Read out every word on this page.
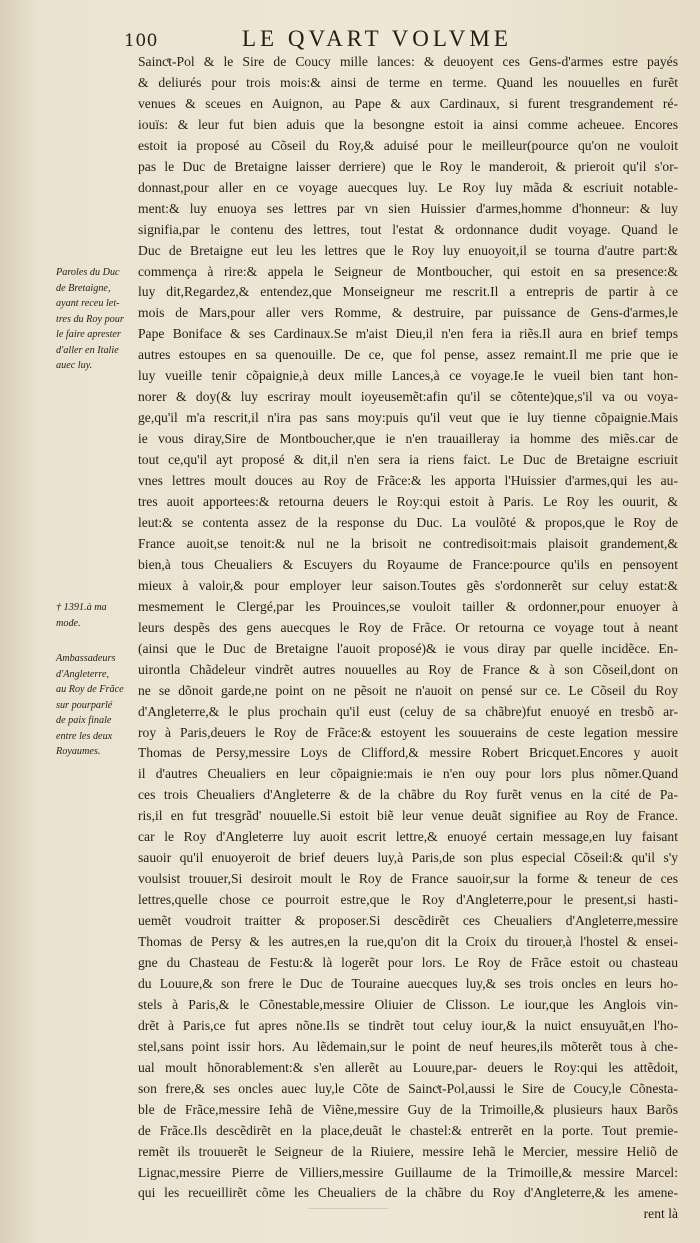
100	LE QVART VOLVME
Saincͭt-Pol & le Sire de Coucy mille lances: & deuoyent ces Gens-d'armes estre payés
& deliurés pour trois mois:& ainsi de terme en terme. Quand les nouuelles en furẽt
venues & sceues en Auignon, au Pape & aux Cardinaux, si furent tresgrandement ré-
iouïs: & leur fut bien aduis que la besongne estoit ia ainsi comme acheuee. Encores
estoit ia proposé au Cõseil du Roy,& aduisé pour le meilleur(pource qu'on ne vouloit
pas le Duc de Bretaigne laisser derriere) que le Roy le manderoit, & prieroit qu'il s'or-
donnast,pour aller en ce voyage auecques luy. Le Roy luy mãda & escriuit notable-
ment:& luy enuoya ses lettres par vn sien Huissier d'armes,homme d'honneur: & luy
signifia,par le contenu des lettres, tout l'estat & ordonnance dudit voyage. Quand le
Duc de Bretaigne eut leu les lettres que le Roy luy enuoyoit,il se tourna d'autre part:&
commença à rire:& appela le Seigneur de Montboucher, qui estoit en sa presence:&
luy dit,Regardez,& entendez,que Monseigneur me rescrit.Il a entrepris de partir à ce
mois de Mars,pour aller vers Romme, & destruire, par puissance de Gens-d'armes,le
Pape Boniface & ses Cardinaux.Se m'aist Dieu,il n'en fera ia riẽs.Il aura en brief temps
autres estoupes en sa quenouille. De ce, que fol pense, assez remaint.Il me prie que ie
luy vueille tenir cõpaignie,à deux mille Lances,à ce voyage.Ie le vueil bien tant hon-
norer & doy(& luy escriray moult ioyeusemẽt:afin qu'il se cõtente)que,s'il va ou voya-
ge,qu'il m'a rescrit,il n'ira pas sans moy:puis qu'il veut que ie luy tienne cõpaignie.Mais
ie vous diray,Sire de Montboucher,que ie n'en trauailleray ia homme des miẽs.car de
tout ce,qu'il ayt proposé & dit,il n'en sera ia riens faict. Le Duc de Bretaigne escriuit
vnes lettres moult douces au Roy de Frãce:& les apporta l'Huissier d'armes,qui les au-
tres auoit apportees:& retourna deuers le Roy:qui estoit à Paris. Le Roy les ouurit, &
leut:& se contenta assez de la response du Duc. La voulõté & propos,que le Roy de
France auoit,se tenoit:& nul ne la brisoit ne contredisoit:mais plaisoit grandement,&
bien,à tous Cheualiers & Escuyers du Royaume de France:pource qu'ils en pensoyent
mieux à valoir,& pour employer leur saison.Toutes gẽs s'ordonnerẽt sur celuy estat:&
mesmement le Clergé,par les Prouinces,se vouloit tailler & ordonner,pour enuoyer à
leurs despẽs des gens auecques le Roy de Frãce. Or retourna ce voyage tout à neant
(ainsi que le Duc de Bretaigne l'auoit proposé)& ie vous diray par quelle incidẽce. En-
uirontla Chãdeleur vindrẽt autres nouuelles au Roy de France & à son Cõseil,dont on
ne se dõnoit garde,ne point on ne pẽsoit ne n'auoit on pensé sur ce. Le Cõseil du Roy
d'Angleterre,& le plus prochain qu'il eust (celuy de sa chãbre)fut enuoyé en tresbõ ar-
roy à Paris,deuers le Roy de Frãce:& estoyent les souuerains de ceste legation messire
Thomas de Persy,messire Loys de Clifford,& messire Robert Bricquet.Encores y auoit
il d'autres Cheualiers en leur cõpaignie:mais ie n'en ouy pour lors plus nõmer.Quand
ces trois Cheualiers d'Angleterre & de la chãbre du Roy furẽt venus en la cité de Pa-
ris,il en fut tresgrãd' nouuelle.Si estoit biẽ leur venue deuãt signifiee au Roy de France.
car le Roy d'Angleterre luy auoit escrit lettre,& enuoyé certain message,en luy faisant
sauoir qu'il enuoyeroit de brief deuers luy,à Paris,de son plus especial Cõseil:& qu'il s'y
voulsist trouuer,Si desiroit moult le Roy de France sauoir,sur la forme & teneur de ces
lettres,quelle chose ce pourroit estre,que le Roy d'Angleterre,pour le present,si hasti-
uemẽt voudroit traitter & proposer.Si descẽdirẽt ces Cheualiers d'Angleterre,messire
Thomas de Persy & les autres,en la rue,qu'on dit la Croix du tirouer,à l'hostel & ensei-
gne du Chasteau de Festu:& là logerẽt pour lors. Le Roy de Frãce estoit ou chasteau
du Louure,& son frere le Duc de Touraine auecques luy,& ses trois oncles en leurs ho-
stels à Paris,& le Cõnestable,messire Oliuier de Clisson. Le iour,que les Anglois vin-
drẽt à Paris,ce fut apres nõne.Ils se tindrẽt tout celuy iour,& la nuict ensuyuãt,en l'ho-
stel,sans point issir hors. Au lẽdemain,sur le point de neuf heures,ils mõterẽt tous à che-
ual moult hõnorablement:& s'en allerẽt au Louure,par- deuers le Roy:qui les attẽdoit,
son frere,& ses oncles auec luy,le Cõte de Saincͭt-Pol,aussi le Sire de Coucy,le Cõnesta-
ble de Frãce,messire Iehã de Viẽne,messire Guy de la Trimoille,& plusieurs haux Barõs
de Frãce.Ils descẽdirẽt en la place,deuãt le chastel:& entrerẽt en la porte. Tout premie-
remẽt ils trouuerẽt le Seigneur de la Riuiere, messire Iehã le Mercier, messire Heliõ de
Lignac,messire Pierre de Villiers,messire Guillaume de la Trimoille,& messire Marcel:
qui les recueillirẽt cõme les Cheualiers de la chãbre du Roy d'Angleterre,& les amene-
rent là
Paroles du Duc
de Bretaigne,
ayant receu let-
tres du Roy pour
le faire aprester
d'aller en Italie
auec luy.
† 1391.à ma
mode.
Ambassadeurs
d'Angleterre,
au Roy de Frãce
sur pourparlé
de paix finale
entre les deux
Royaumes.
